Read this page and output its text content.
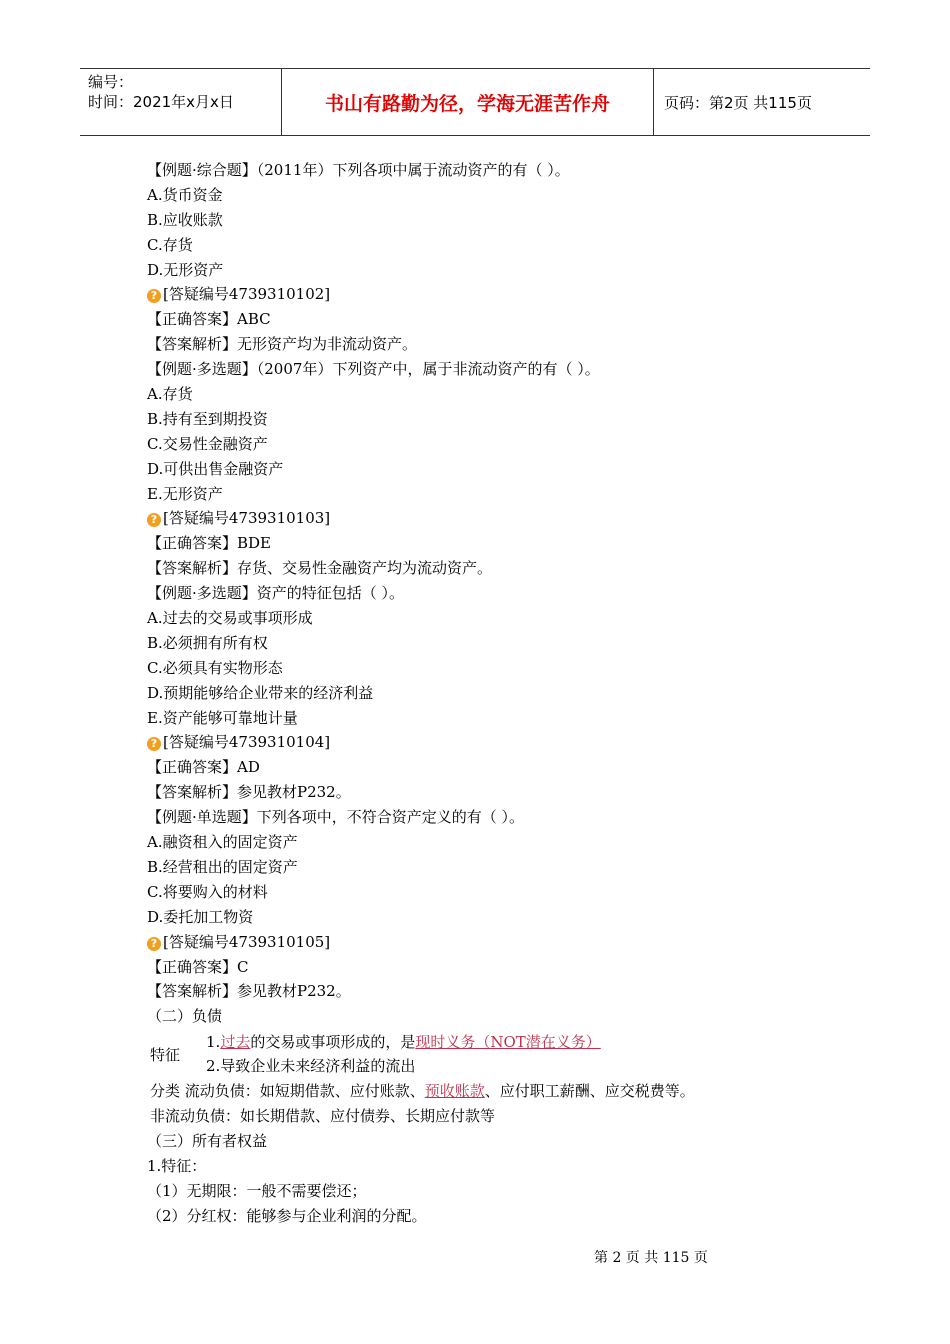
编号：
时间：2021年x月x日	书山有路勤为径，学海无涯苦作舟	页码：第2页 共115页
【例题·综合题】（2011年）下列各项中属于流动资产的有（ ）。
A.货币资金
B.应收账款
C.存货
D.无形资产
? [答疑编号4739310102]
【正确答案】ABC
【答案解析】无形资产均为非流动资产。
【例题·多选题】（2007年）下列资产中，属于非流动资产的有（ ）。
A.存货
B.持有至到期投资
C.交易性金融资产
D.可供出售金融资产
E.无形资产
? [答疑编号4739310103]
【正确答案】BDE
【答案解析】存货、交易性金融资产均为流动资产。
【例题·多选题】资产的特征包括（ ）。
A.过去的交易或事项形成
B.必须拥有所有权
C.必须具有实物形态
D.预期能够给企业带来的经济利益
E.资产能够可靠地计量
? [答疑编号4739310104]
【正确答案】AD
【答案解析】参见教材P232。
【例题·单选题】下列各项中，不符合资产定义的有（ ）。
A.融资租入的固定资产
B.经营租出的固定资产
C.将要购入的材料
D.委托加工物资
? [答疑编号4739310105]
【正确答案】C
【答案解析】参见教材P232。
（二）负债
特征
1.过去的交易或事项形成的，是现时义务（NOT潜在义务）
2.导致企业未来经济利益的流出
分类 流动负债：如短期借款、应付账款、预收账款、应付职工薪酬、应交税费等。
非流动负债：如长期借款、应付债券、长期应付款等
（三）所有者权益
1.特征：
（1）无期限：一般不需要偿还；
（2）分红权：能够参与企业利润的分配。
第 2 页 共 115 页
